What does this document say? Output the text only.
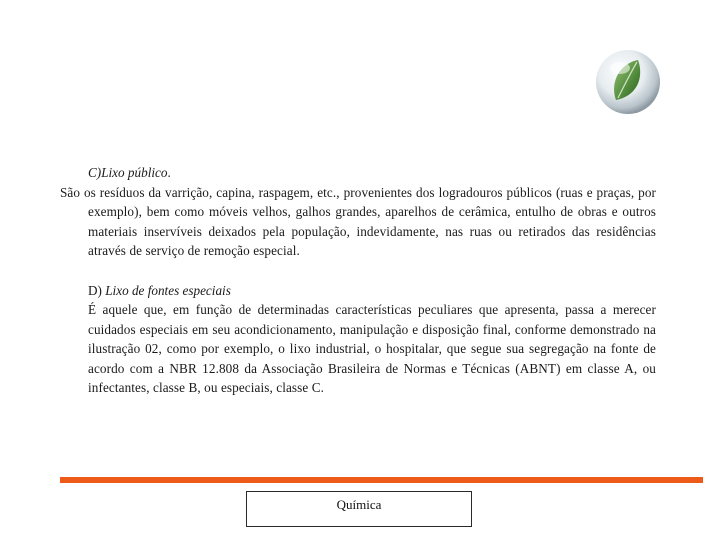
C)Lixo público.

São os resíduos da varrição, capina, raspagem, etc., provenientes dos logradouros públicos (ruas e praças, por exemplo), bem como móveis velhos, galhos grandes, aparelhos de cerâmica, entulho de obras e outros materiais inservíveis deixados pela população, indevidamente, nas ruas ou retirados das residências através de serviço de remoção especial.

D) Lixo de fontes especiais

É aquele que, em função de determinadas características peculiares que apresenta, passa a merecer cuidados especiais em seu acondicionamento, manipulação e disposição final, conforme demonstrado na ilustração 02, como por exemplo, o lixo industrial, o hospitalar, que segue sua segregação na fonte de acordo com a NBR 12.808 da Associação Brasileira de Normas e Técnicas (ABNT) em classe A, ou infectantes, classe B, ou especiais, classe C.

Química
